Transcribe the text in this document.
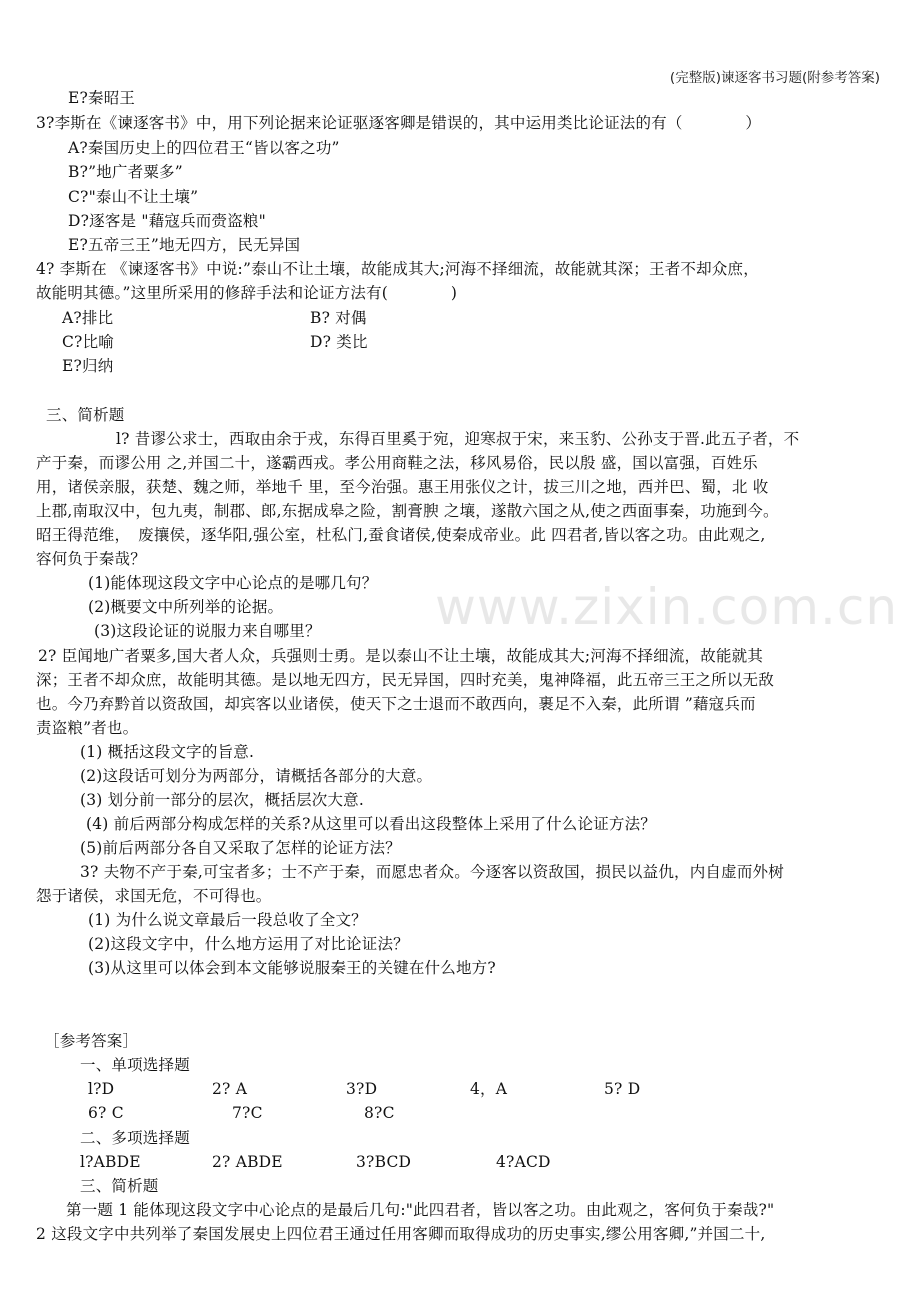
(完整版)谏逐客书习题(附参考答案)
www.zixin.com.cn
E?秦昭王
3?李斯在《谏逐客书》中，用下列论据来论证驱逐客卿是错误的，其中运用类比论证法的有（　　　　）
A?秦国历史上的四位君王“皆以客之功”
B?”地广者粟多”
C?"泰山不让土壤”
D?逐客是 "藉寇兵而赍盗粮"
E?五帝三王”地无四方，民无异国
4? 李斯在 《谏逐客书》中说:”泰山不让土壤，故能成其大;河海不择细流，故能就其深；王者不却众庶，
故能明其德。”这里所采用的修辞手法和论证方法有(　　　　)
A?排比	B? 对偶
C?比喻	D? 类比
E?归纳
三、简析题
l? 昔谬公求士，西取由余于戎，东得百里奚于宛，迎寒叔于宋，来玉豹、公孙支于晋.此五子者，不
产于秦，而谬公用 之,并国二十，遂霸西戎。孝公用商鞋之法，移风易俗，民以殷 盛，国以富强，百姓乐
用，诸侯亲服，获楚、魏之师，举地千 里，至今治强。惠王用张仪之计，拔三川之地，西并巴、蜀，北 收
上郡,南取汉中，包九夷，制郡、郎,东据成皋之险，割膏腴 之壤，遂散六国之从,使之西面事秦，功施到今。
昭王得范维，　废攘侯，逐华阳,强公室，杜私门,蚕食诸侯,使秦成帝业。此 四君者,皆以客之功。由此观之,
容何负于秦哉？
(1)能体现这段文字中心论点的是哪几句？
(2)概要文中所列举的论据。
(3)这段论证的说服力来自哪里？
2? 臣闻地广者粟多,国大者人众，兵强则士勇。是以泰山不让土壤，故能成其大;河海不择细流，故能就其
深；王者不却众庶，故能明其德。是以地无四方，民无异国，四时充美，鬼神降福，此五帝三王之所以无敌
也。今乃弃黔首以资敌国，却宾客以业诸侯，使天下之士退而不敢西向，裹足不入秦，此所谓 ”藉寇兵而
责盗粮”者也。
(1) 概括这段文字的旨意.
(2)这段话可划分为两部分，请概括各部分的大意。
(3) 划分前一部分的层次，概括层次大意.
(4) 前后两部分构成怎样的关系?从这里可以看出这段整体上采用了什么论证方法？
(5)前后两部分各自又采取了怎样的论证方法？
3? 夫物不产于秦,可宝者多；士不产于秦，而愿忠者众。今逐客以资敌国，损民以益仇，内自虚而外树
怨于诸侯，求国无危，不可得也。
(1) 为什么说文章最后一段总收了全文？
(2)这段文字中，什么地方运用了对比论证法？
(3)从这里可以体会到本文能够说服秦王的关键在什么地方?
［参考答案］
一、单项选择题
l?D	2? A	3?D	4，A	5? D
6? C	7?C	8?C
二、多项选择题
l?ABDE	2? ABDE	3?BCD	4?ACD
三、简析题
第一题 1 能体现这段文字中心论点的是最后几句:"此四君者，皆以客之功。由此观之，客何负于秦哉?"
2 这段文字中共列举了秦国发展史上四位君王通过任用客卿而取得成功的历史事实,缪公用客卿,”并国二十,
